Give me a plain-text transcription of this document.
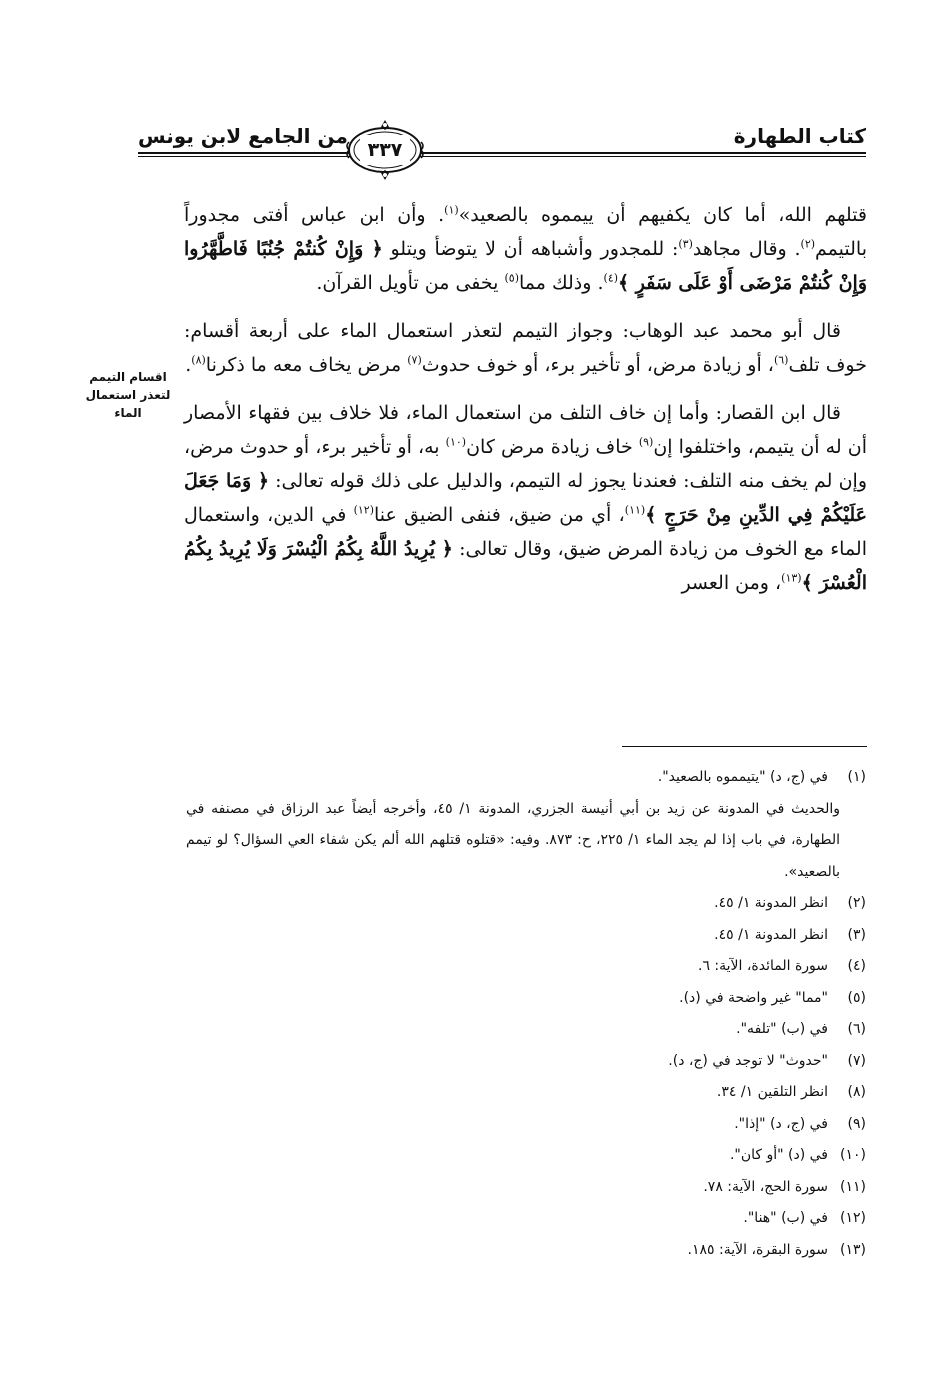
كتاب الطهارة
من الجامع لابن يونس
٣٣٧
اقسام التيمم لتعذر استعمال الماء

قتلهم الله، أما كان يكفيهم أن ييمموه بالصعيد»$^{(١)}$. وأن ابن عباس أفتى مجدوراً بالتيمم$^{(٢)}$. وقال مجاهد$^{(٣)}$: للمجدور وأشباهه أن لا يتوضأ ويتلو ﴿ وَإِنْ كُنتُمْ جُنُبًا فَاطَّهَّرُوا وَإِنْ كُنتُمْ مَرْضَى أَوْ عَلَى سَفَرٍ ﴾$^{(٤)}$. وذلك مما$^{(٥)}$ يخفى من تأويل القرآن.

قال أبو محمد عبد الوهاب: وجواز التيمم لتعذر استعمال الماء على أربعة أقسام: خوف تلف$^{(٦)}$، أو زيادة مرض، أو تأخير برء، أو خوف حدوث$^{(٧)}$ مرض يخاف معه ما ذكرنا$^{(٨)}$.

قال ابن القصار: وأما إن خاف التلف من استعمال الماء، فلا خلاف بين فقهاء الأمصار أن له أن يتيمم، واختلفوا إن$^{(٩)}$ خاف زيادة مرض كان$^{(١٠)}$ به، أو تأخير برء، أو حدوث مرض، وإن لم يخف منه التلف: فعندنا يجوز له التيمم، والدليل على ذلك قوله تعالى: ﴿ وَمَا جَعَلَ عَلَيْكُمْ فِي الدِّينِ مِنْ حَرَجٍ ﴾$^{(١١)}$، أي من ضيق، فنفى الضيق عنا$^{(١٢)}$ في الدين، واستعمال الماء مع الخوف من زيادة المرض ضيق، وقال تعالى: ﴿ يُرِيدُ اللَّهُ بِكُمُ الْيُسْرَ وَلَا يُرِيدُ بِكُمُ الْعُسْرَ ﴾$^{(١٣)}$، ومن العسر

(١)
في (ج، د) "يتيمموه بالصعيد".
والحديث في المدونة عن زيد بن أبي أنيسة الجزري، المدونة ١/ ٤٥، وأخرجه أيضاً عبد الرزاق في مصنفه في الطهارة، في باب إذا لم يجد الماء ١/ ٢٢٥، ح: ٨٧٣. وفيه: «قتلوه قتلهم الله ألم يكن شفاء العي السؤال؟ لو تيمم بالصعيد».
(٢)
انظر المدونة ١/ ٤٥.
(٣)
انظر المدونة ١/ ٤٥.
(٤)
سورة المائدة، الآية: ٦.
(٥)
"مما" غير واضحة في (د).
(٦)
في (ب) "تلفه".
(٧)
"حدوث" لا توجد في (ج، د).
(٨)
انظر التلقين ١/ ٣٤.
(٩)
في (ج، د) "إذا".
(١٠)
في (د) "أو كان".
(١١)
سورة الحج، الآية: ٧٨.
(١٢)
في (ب) "هنا".
(١٣)
سورة البقرة، الآية: ١٨٥.
